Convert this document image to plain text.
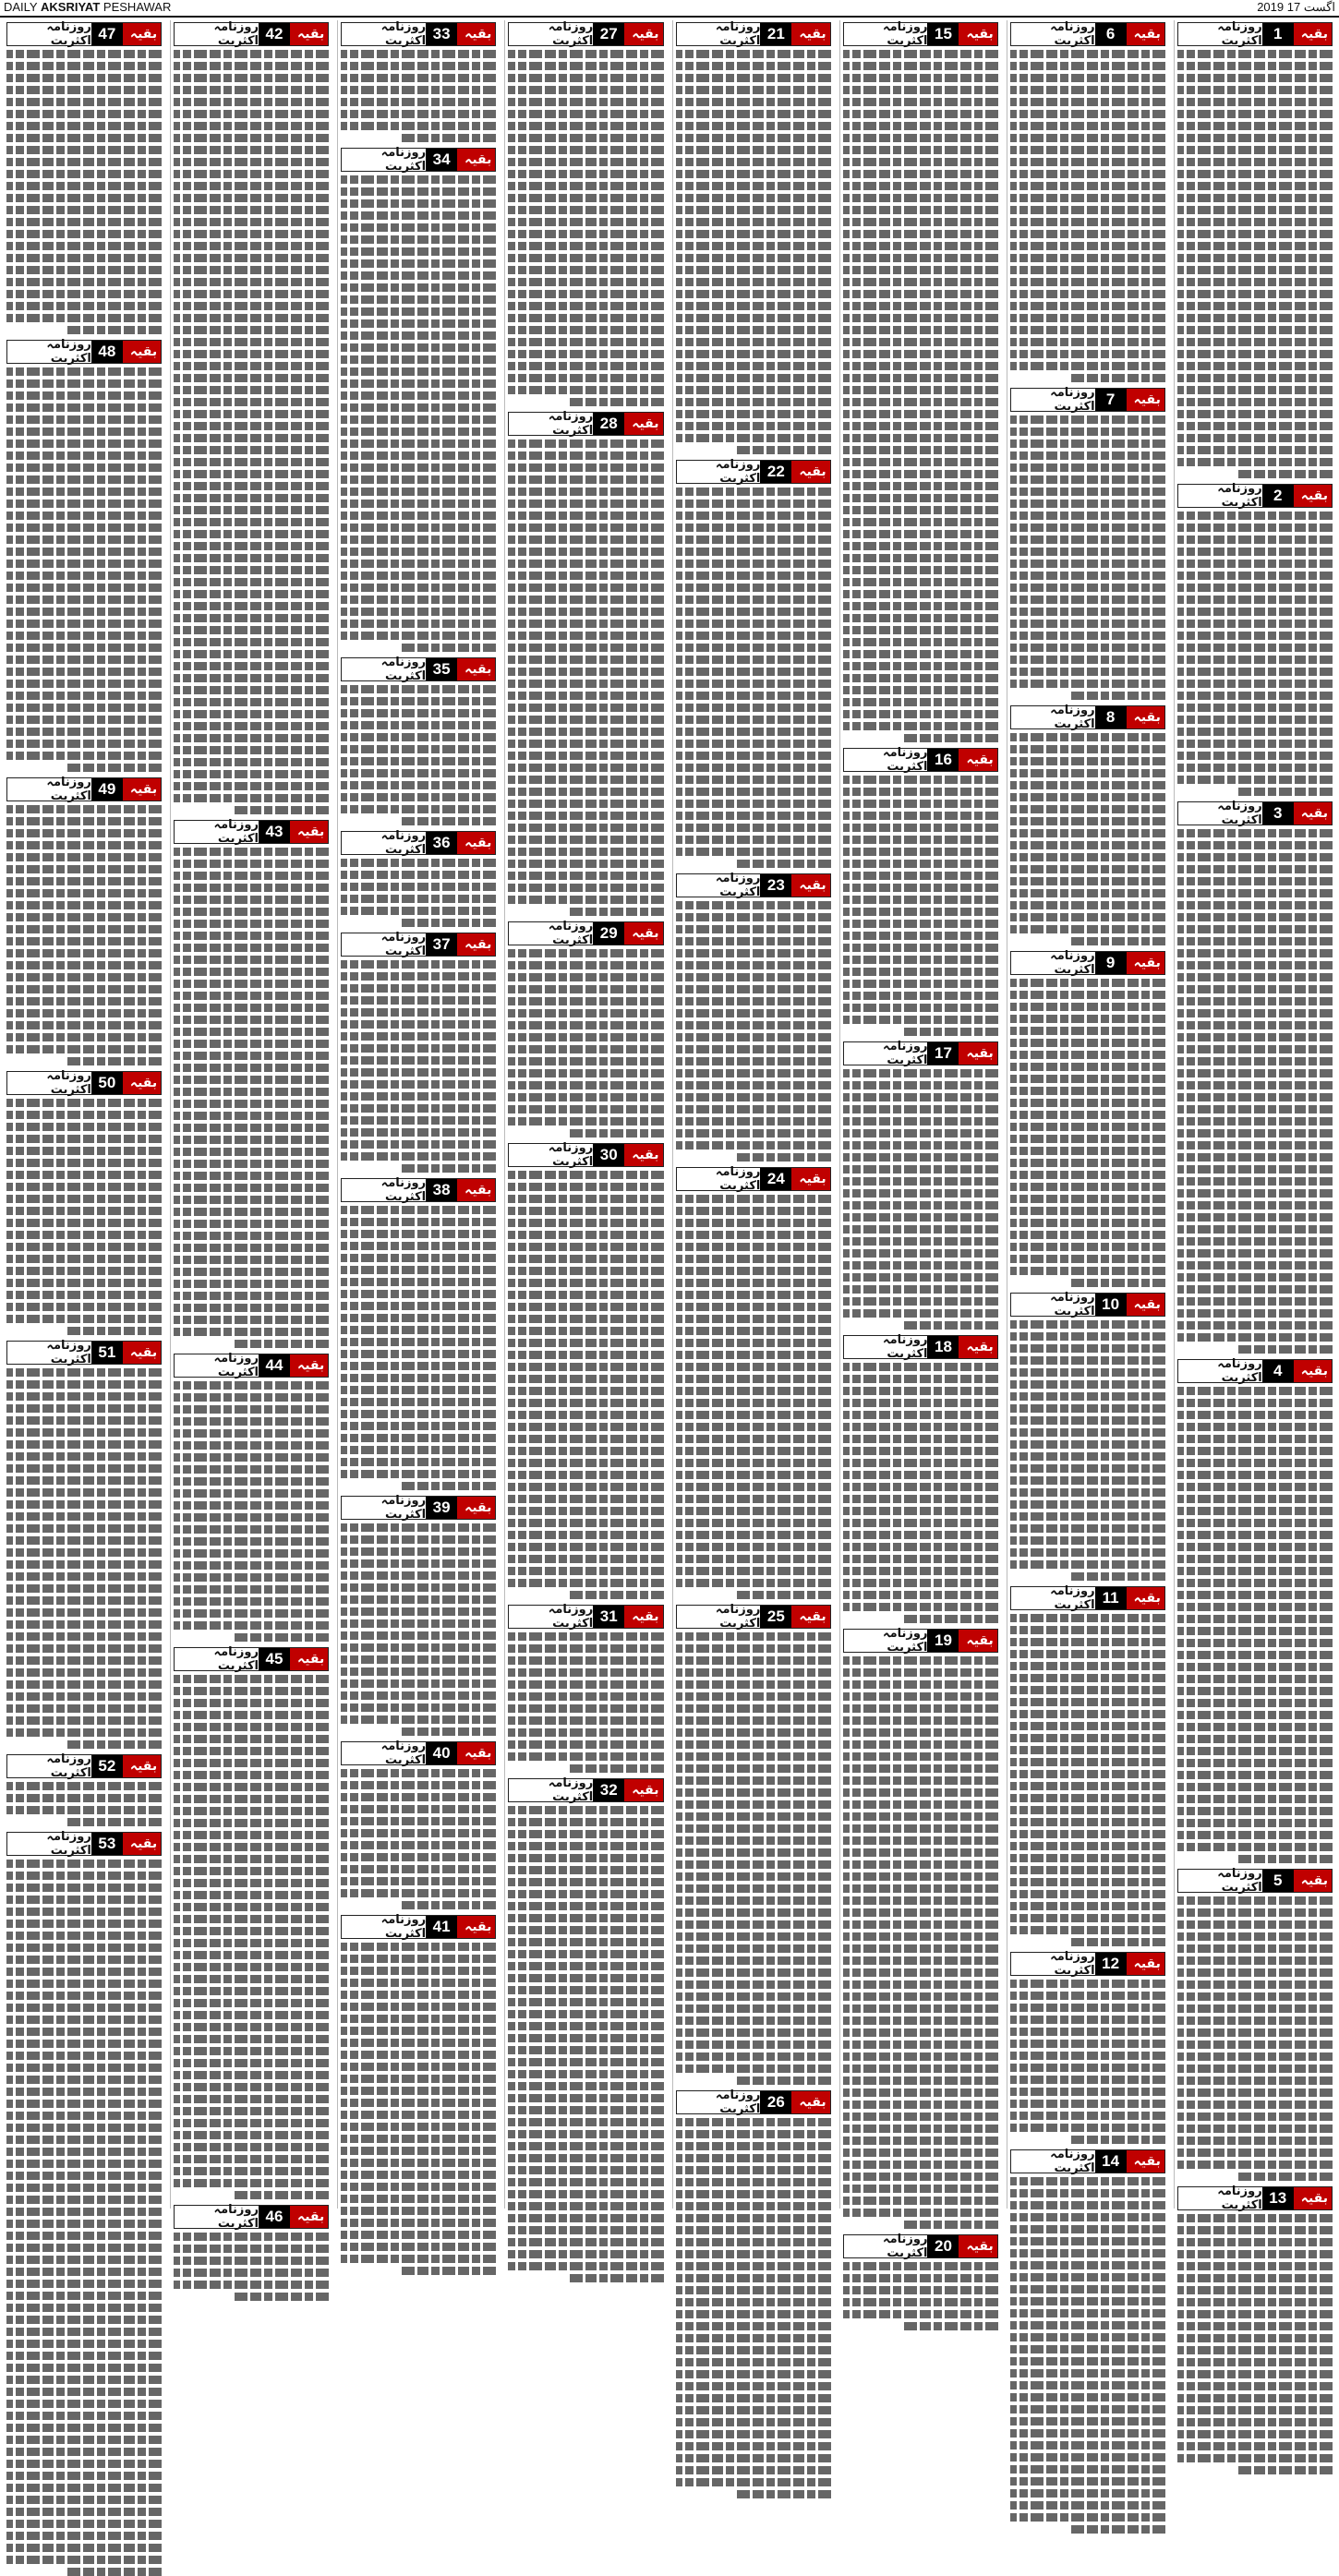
DAILY AKSRIYAT PESHAWAR	اگست 17 2019
بقیہ
1
روزنامہ اکثریت
بقیہ
2
روزنامہ اکثریت
بقیہ
3
روزنامہ اکثریت
بقیہ
4
روزنامہ اکثریت
بقیہ
5
روزنامہ اکثریت
بقیہ
13
روزنامہ اکثریت
بقیہ
6
روزنامہ اکثریت
بقیہ
7
روزنامہ اکثریت
بقیہ
8
روزنامہ اکثریت
بقیہ
9
روزنامہ اکثریت
بقیہ
10
روزنامہ اکثریت
بقیہ
11
روزنامہ اکثریت
بقیہ
12
روزنامہ اکثریت
بقیہ
14
روزنامہ اکثریت
بقیہ
15
روزنامہ اکثریت
بقیہ
16
روزنامہ اکثریت
بقیہ
17
روزنامہ اکثریت
بقیہ
18
روزنامہ اکثریت
بقیہ
19
روزنامہ اکثریت
بقیہ
20
روزنامہ اکثریت
بقیہ
21
روزنامہ اکثریت
بقیہ
22
روزنامہ اکثریت
بقیہ
23
روزنامہ اکثریت
بقیہ
24
روزنامہ اکثریت
بقیہ
25
روزنامہ اکثریت
بقیہ
26
روزنامہ اکثریت
بقیہ
27
روزنامہ اکثریت
بقیہ
28
روزنامہ اکثریت
بقیہ
29
روزنامہ اکثریت
بقیہ
30
روزنامہ اکثریت
بقیہ
31
روزنامہ اکثریت
بقیہ
32
روزنامہ اکثریت
بقیہ
33
روزنامہ اکثریت
بقیہ
34
روزنامہ اکثریت
بقیہ
35
روزنامہ اکثریت
بقیہ
36
روزنامہ اکثریت
بقیہ
37
روزنامہ اکثریت
بقیہ
38
روزنامہ اکثریت
بقیہ
39
روزنامہ اکثریت
بقیہ
40
روزنامہ اکثریت
بقیہ
41
روزنامہ اکثریت
بقیہ
42
روزنامہ اکثریت
بقیہ
43
روزنامہ اکثریت
بقیہ
44
روزنامہ اکثریت
بقیہ
45
روزنامہ اکثریت
بقیہ
46
روزنامہ اکثریت
بقیہ
47
روزنامہ اکثریت
بقیہ
48
روزنامہ اکثریت
بقیہ
49
روزنامہ اکثریت
بقیہ
50
روزنامہ اکثریت
بقیہ
51
روزنامہ اکثریت
بقیہ
52
روزنامہ اکثریت
بقیہ
53
روزنامہ اکثریت
